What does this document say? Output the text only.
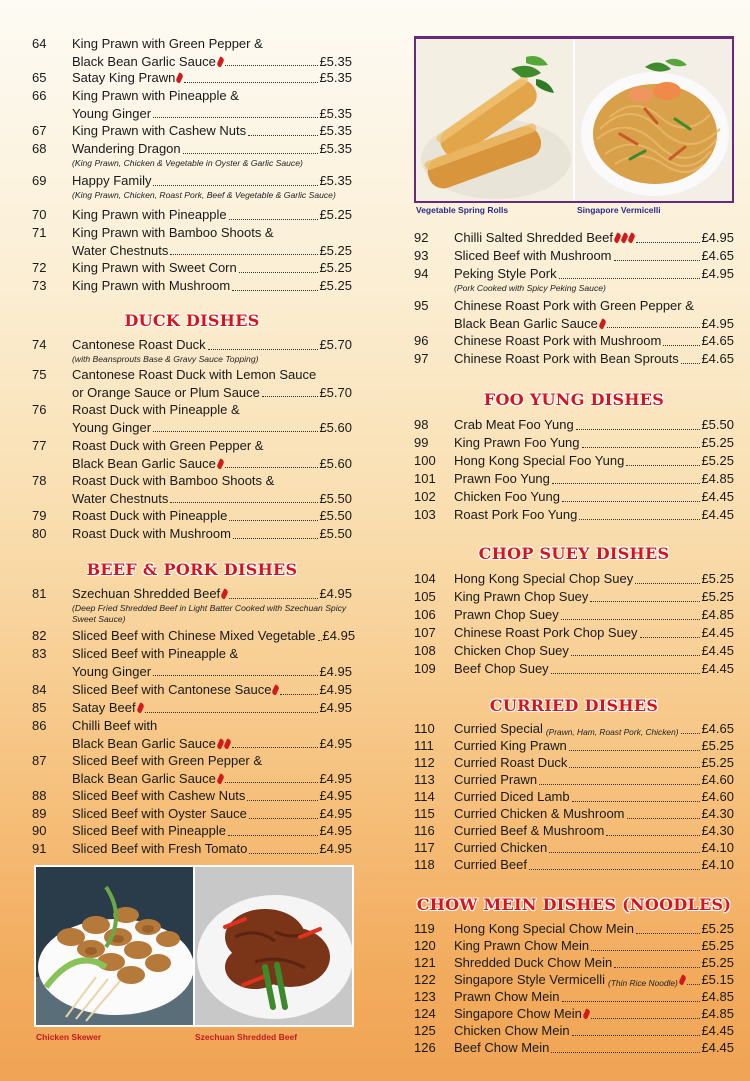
64	King Prawn with Green Pepper &
Black Bean Garlic Sauce	£5.35
65	Satay King Prawn	£5.35
66	King Prawn with Pineapple &
Young Ginger	£5.35
67	King Prawn with Cashew Nuts	£5.35
68	Wandering Dragon	£5.35
(King Prawn, Chicken & Vegetable in Oyster & Garlic Sauce)
69	Happy Family	£5.35
(King Prawn, Chicken, Roast Pork, Beef & Vegetable & Garlic Sauce)
70	King Prawn with Pineapple	£5.25
71	King Prawn with Bamboo Shoots &
Water Chestnuts	£5.25
72	King Prawn with Sweet Corn	£5.25
73	King Prawn with Mushroom	£5.25
DUCK DISHES
74	Cantonese Roast Duck	£5.70
(with Beansprouts Base & Gravy Sauce Topping)
75	Cantonese Roast Duck with Lemon Sauce
or Orange Sauce or Plum Sauce	£5.70
76	Roast Duck with Pineapple &
Young Ginger	£5.60
77	Roast Duck with Green Pepper &
Black Bean Garlic Sauce	£5.60
78	Roast Duck with Bamboo Shoots &
Water Chestnuts	£5.50
79	Roast Duck with Pineapple	£5.50
80	Roast Duck with Mushroom	£5.50
BEEF & PORK DISHES
81	Szechuan Shredded Beef	£4.95
(Deep Fried Shredded Beef in Light Batter Cooked with Szechuan Spicy Sweet Sauce)
82	Sliced Beef with Chinese Mixed Vegetable £4.95
83	Sliced Beef with Pineapple &
Young Ginger	£4.95
84	Sliced Beef with Cantonese Sauce	£4.95
85	Satay Beef	£4.95
86	Chilli Beef with
Black Bean Garlic Sauce	£4.95
87	Sliced Beef with Green Pepper &
Black Bean Garlic Sauce	£4.95
88	Sliced Beef with Cashew Nuts	£4.95
89	Sliced Beef with Oyster Sauce	£4.95
90	Sliced Beef with Pineapple	£4.95
91	Sliced Beef with Fresh Tomato	£4.95
92	Chilli Salted Shredded Beef	£4.95
93	Sliced Beef with Mushroom	£4.65
94	Peking Style Pork	£4.95
(Pork Cooked with Spicy Peking Sauce)
95	Chinese Roast Pork with Green Pepper &
Black Bean Garlic Sauce	£4.95
96	Chinese Roast Pork with Mushroom	£4.65
97	Chinese Roast Pork with Bean Sprouts £4.65
FOO YUNG DISHES
98	Crab Meat Foo Yung	£5.50
99	King Prawn Foo Yung	£5.25
100	Hong Kong Special Foo Yung	£5.25
101	Prawn Foo Yung	£4.85
102	Chicken Foo Yung	£4.45
103	Roast Pork Foo Yung	£4.45
CHOP SUEY DISHES
104	Hong Kong Special Chop Suey	£5.25
105	King Prawn Chop Suey	£5.25
106	Prawn Chop Suey	£4.85
107	Chinese Roast Pork Chop Suey	£4.45
108	Chicken Chop Suey	£4.45
109	Beef Chop Suey	£4.45
CURRIED DISHES
110	Curried Special (Prawn, Ham, Roast Pork, Chicken) £4.65
111	Curried King Prawn	£5.25
112	Curried Roast Duck	£5.25
113	Curried Prawn	£4.60
114	Curried Diced Lamb	£4.60
115	Curried Chicken & Mushroom	£4.30
116	Curried Beef & Mushroom	£4.30
117	Curried Chicken	£4.10
118	Curried Beef	£4.10
CHOW MEIN DISHES (NOODLES)
119	Hong Kong Special Chow Mein	£5.25
120	King Prawn Chow Mein	£5.25
121	Shredded Duck Chow Mein	£5.25
122	Singapore Style Vermicelli (Thin Rice Noodle) £5.15
123	Prawn Chow Mein	£4.85
124	Singapore Chow Mein	£4.85
125	Chicken Chow Mein	£4.45
126	Beef Chow Mein	£4.45
Vegetable Spring Rolls	Singapore Vermicelli
Chicken Skewer	Szechuan Shredded Beef
